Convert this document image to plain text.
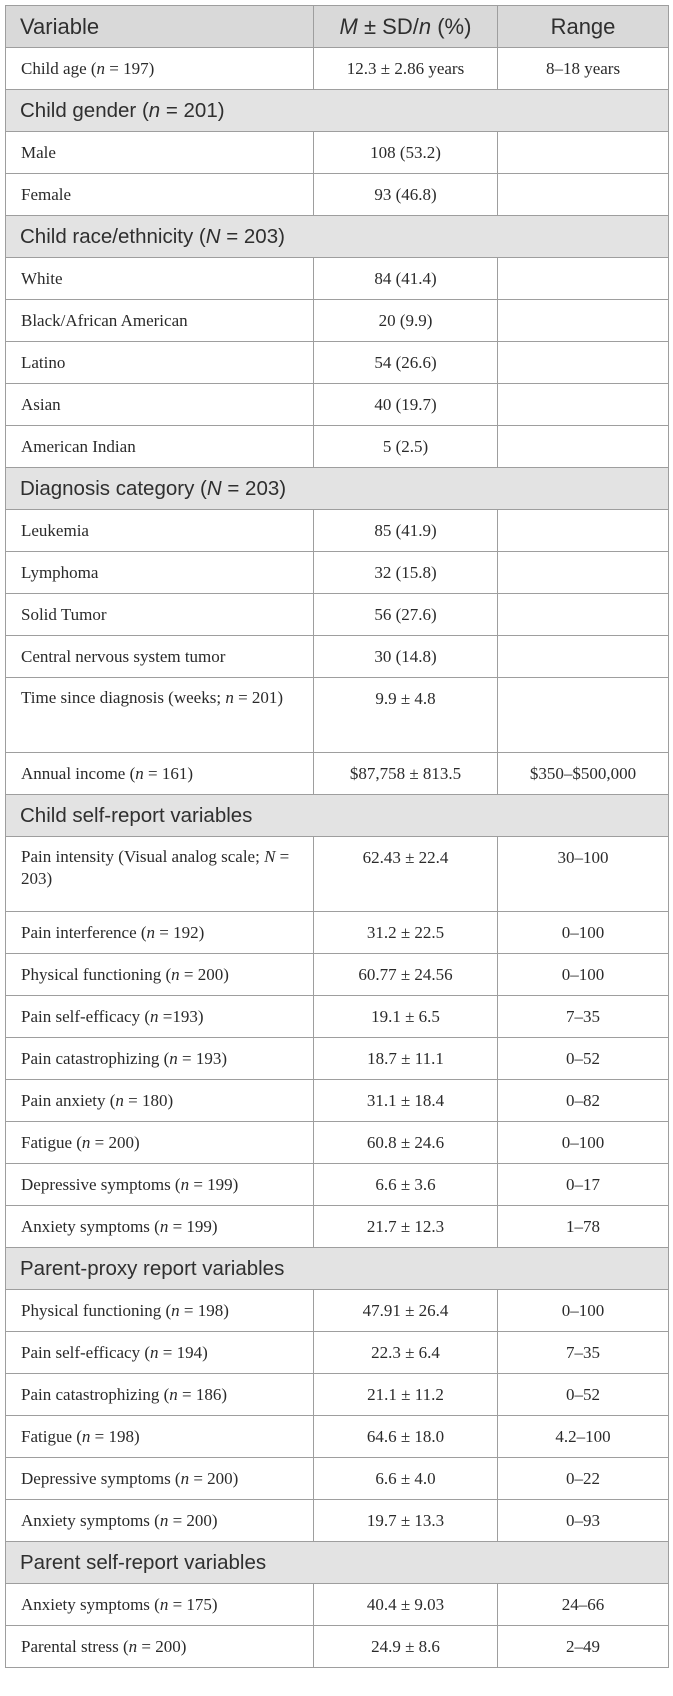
Variable	M ± SD/n (%)	Range
Child age (n = 197)	12.3 ± 2.86 years	8–18 years
Child gender (n = 201)		
Male	108 (53.2)	
Female	93 (46.8)	
Child race/ethnicity (N = 203)		
White	84 (41.4)	
Black/African American	20 (9.9)	
Latino	54 (26.6)	
Asian	40 (19.7)	
American Indian	5 (2.5)	
Diagnosis category (N = 203)		
Leukemia	85 (41.9)	
Lymphoma	32 (15.8)	
Solid Tumor	56 (27.6)	
Central nervous system tumor	30 (14.8)	
Time since diagnosis (weeks; n = 201)	9.9 ± 4.8	
Annual income (n = 161)	$87,758 ± 813.5	$350–$500,000
Child self-report variables		
Pain intensity (Visual analog scale; N = 203)	62.43 ± 22.4	30–100
Pain interference (n = 192)	31.2 ± 22.5	0–100
Physical functioning (n = 200)	60.77 ± 24.56	0–100
Pain self-efficacy (n =193)	19.1 ± 6.5	7–35
Pain catastrophizing (n = 193)	18.7 ± 11.1	0–52
Pain anxiety (n = 180)	31.1 ± 18.4	0–82
Fatigue (n = 200)	60.8 ± 24.6	0–100
Depressive symptoms (n = 199)	6.6 ± 3.6	0–17
Anxiety symptoms (n = 199)	21.7 ± 12.3	1–78
Parent-proxy report variables		
Physical functioning (n = 198)	47.91 ± 26.4	0–100
Pain self-efficacy (n = 194)	22.3 ± 6.4	7–35
Pain catastrophizing (n = 186)	21.1 ± 11.2	0–52
Fatigue (n = 198)	64.6 ± 18.0	4.2–100
Depressive symptoms (n = 200)	6.6 ± 4.0	0–22
Anxiety symptoms (n = 200)	19.7 ± 13.3	0–93
Parent self-report variables		
Anxiety symptoms (n = 175)	40.4 ± 9.03	24–66
Parental stress (n = 200)	24.9 ± 8.6	2–49
